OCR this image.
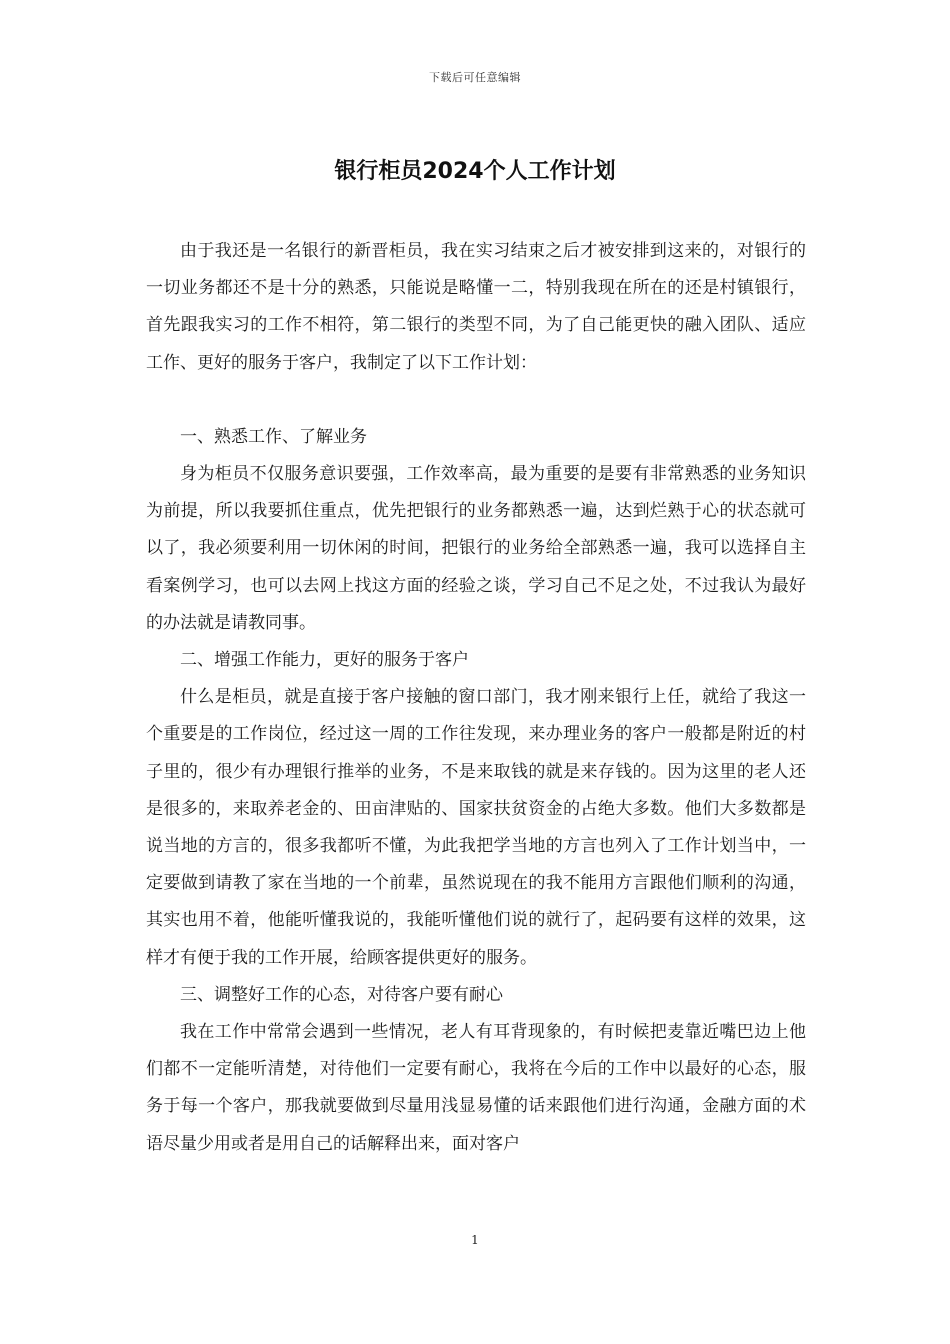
下载后可任意编辑
银行柜员2024个人工作计划

由于我还是一名银行的新晋柜员，我在实习结束之后才被安排到这来的，对银行的一切业务都还不是十分的熟悉，只能说是略懂一二，特别我现在所在的还是村镇银行，首先跟我实习的工作不相符，第二银行的类型不同，为了自己能更快的融入团队、适应工作、更好的服务于客户，我制定了以下工作计划：

一、熟悉工作、了解业务

身为柜员不仅服务意识要强，工作效率高，最为重要的是要有非常熟悉的业务知识为前提，所以我要抓住重点，优先把银行的业务都熟悉一遍，达到烂熟于心的状态就可以了，我必须要利用一切休闲的时间，把银行的业务给全部熟悉一遍，我可以选择自主看案例学习，也可以去网上找这方面的经验之谈，学习自己不足之处，不过我认为最好的办法就是请教同事。

二、增强工作能力，更好的服务于客户

什么是柜员，就是直接于客户接触的窗口部门，我才刚来银行上任，就给了我这一个重要是的工作岗位，经过这一周的工作往发现，来办理业务的客户一般都是附近的村子里的，很少有办理银行推举的业务，不是来取钱的就是来存钱的。因为这里的老人还是很多的，来取养老金的、田亩津贴的、国家扶贫资金的占绝大多数。他们大多数都是说当地的方言的，很多我都听不懂，为此我把学当地的方言也列入了工作计划当中，一定要做到请教了家在当地的一个前辈，虽然说现在的我不能用方言跟他们顺利的沟通，其实也用不着，他能听懂我说的，我能听懂他们说的就行了，起码要有这样的效果，这样才有便于我的工作开展，给顾客提供更好的服务。

三、调整好工作的心态，对待客户要有耐心

我在工作中常常会遇到一些情况，老人有耳背现象的，有时候把麦靠近嘴巴边上他们都不一定能听清楚，对待他们一定要有耐心，我将在今后的工作中以最好的心态，服务于每一个客户，那我就要做到尽量用浅显易懂的话来跟他们进行沟通，金融方面的术语尽量少用或者是用自己的话解释出来，面对客户

1
